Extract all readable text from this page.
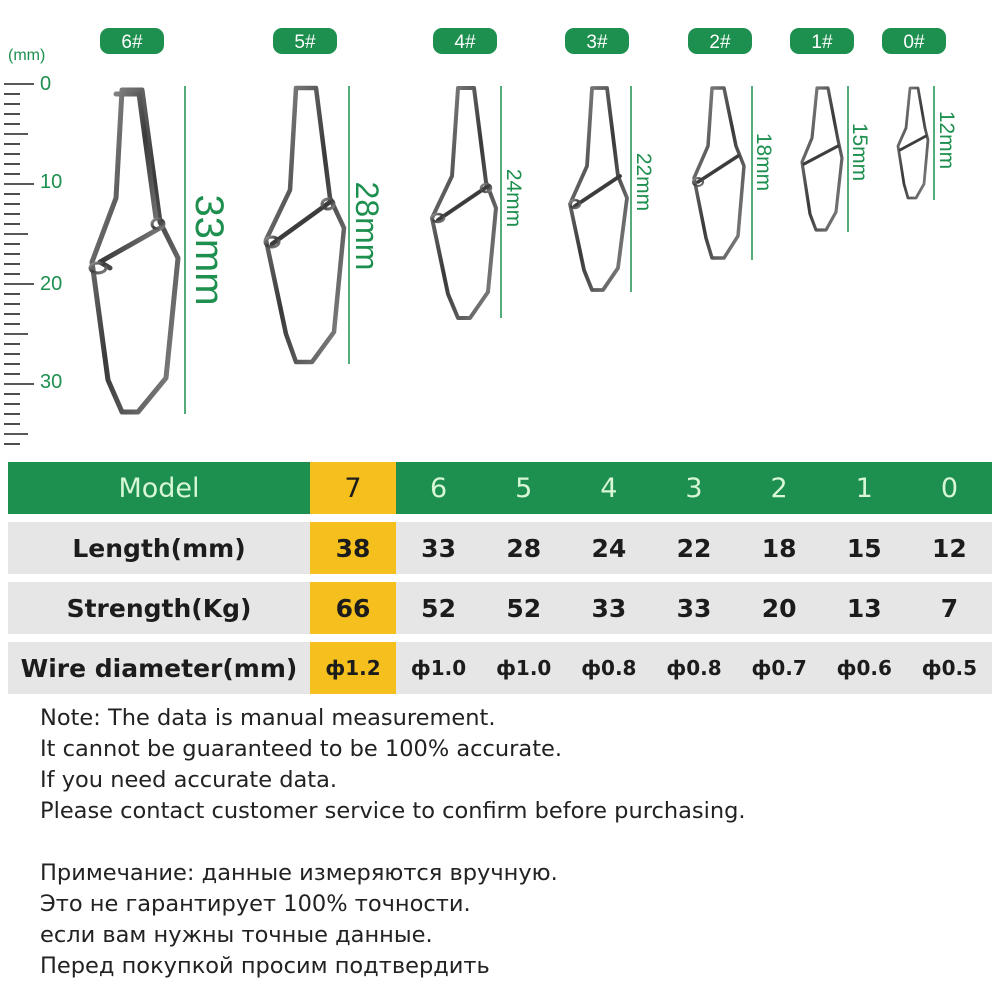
(mm)
0
10
20
30
6#	5#	4#	3#	2#	1#	0#
33mm	28mm	24mm	22mm	18mm	15mm	12mm
Model	7	6	5	4	3	2	1	0
Length(mm)	38	33	28	24	22	18	15	12
Strength(Kg)	66	52	52	33	33	20	13	7
Wire diameter(mm)	ф1.2	ф1.0	ф1.0	ф0.8	ф0.8	ф0.7	ф0.6	ф0.5
Note: The data is manual measurement.
It cannot be guaranteed to be 100% accurate.
If you need accurate data.
Please contact customer service to confirm before purchasing.
Примечание: данные измеряются вручную.
Это не гарантирует 100% точности.
если вам нужны точные данные.
Перед покупкой просим подтвердить
